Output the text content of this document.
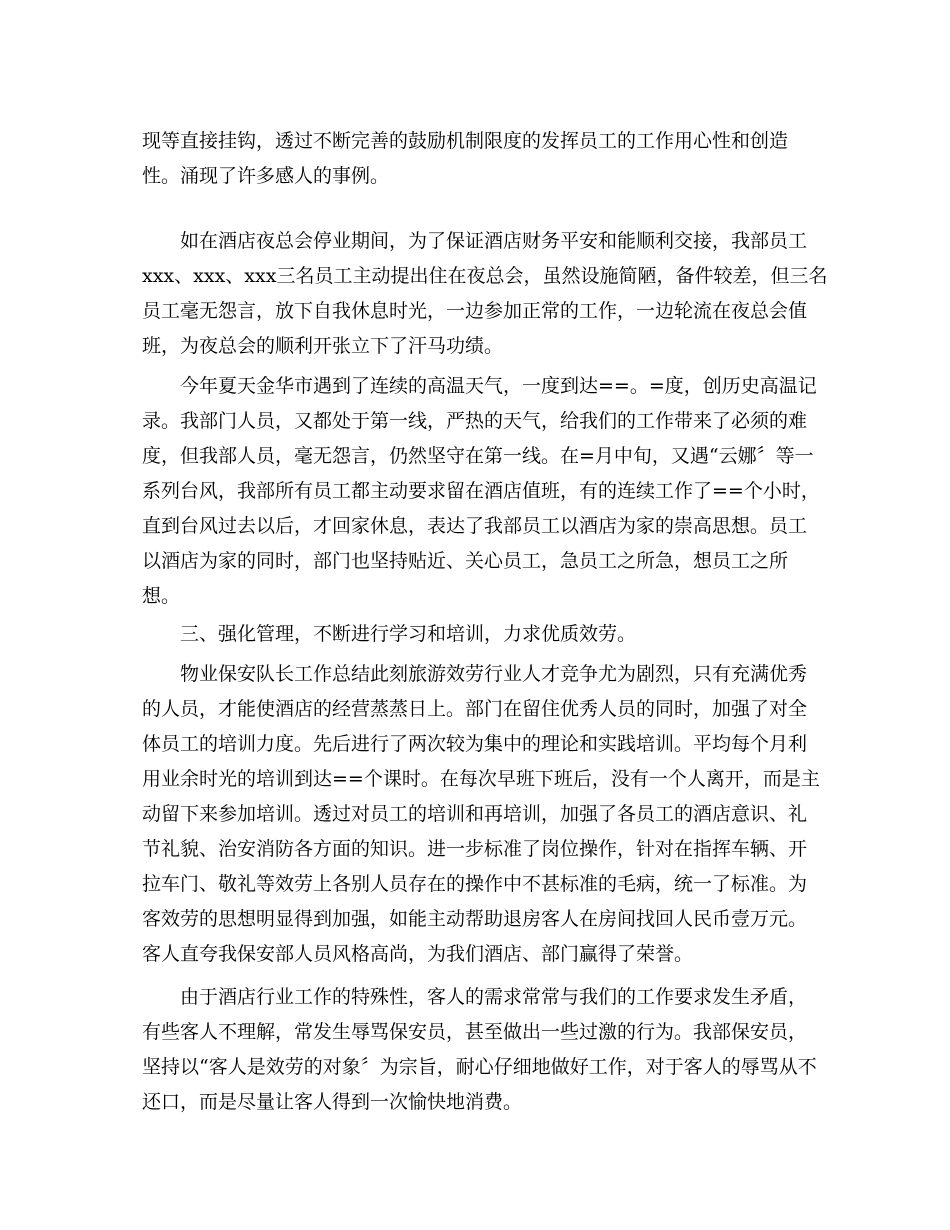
现等直接挂钩，透过不断完善的鼓励机制限度的发挥员工的工作用心性和创造
性。涌现了许多感人的事例。
如在酒店夜总会停业期间，为了保证酒店财务平安和能顺利交接，我部员工
xxx、xxx、xxx三名员工主动提出住在夜总会，虽然设施简陋，备件较差，但三名
员工毫无怨言，放下自我休息时光，一边参加正常的工作，一边轮流在夜总会值
班，为夜总会的顺利开张立下了汗马功绩。
今年夏天金华市遇到了连续的高温天气，一度到达==。=度，创历史高温记
录。我部门人员，又都处于第一线，严热的天气，给我们的工作带来了必须的难
度，但我部人员，毫无怨言，仍然坚守在第一线。在=月中旬，又遇“云娜〞等一
系列台风，我部所有员工都主动要求留在酒店值班，有的连续工作了==个小时，
直到台风过去以后，才回家休息，表达了我部员工以酒店为家的崇高思想。员工
以酒店为家的同时，部门也坚持贴近、关心员工，急员工之所急，想员工之所
想。
三、强化管理，不断进行学习和培训，力求优质效劳。
物业保安队长工作总结此刻旅游效劳行业人才竞争尤为剧烈，只有充满优秀
的人员，才能使酒店的经营蒸蒸日上。部门在留住优秀人员的同时，加强了对全
体员工的培训力度。先后进行了两次较为集中的理论和实践培训。平均每个月利
用业余时光的培训到达==个课时。在每次早班下班后，没有一个人离开，而是主
动留下来参加培训。透过对员工的培训和再培训，加强了各员工的酒店意识、礼
节礼貌、治安消防各方面的知识。进一步标准了岗位操作，针对在指挥车辆、开
拉车门、敬礼等效劳上各别人员存在的操作中不甚标准的毛病，统一了标准。为
客效劳的思想明显得到加强，如能主动帮助退房客人在房间找回人民币壹万元。
客人直夸我保安部人员风格高尚，为我们酒店、部门赢得了荣誉。
由于酒店行业工作的特殊性，客人的需求常常与我们的工作要求发生矛盾，
有些客人不理解，常发生辱骂保安员，甚至做出一些过激的行为。我部保安员，
坚持以“客人是效劳的对象〞为宗旨，耐心仔细地做好工作，对于客人的辱骂从不
还口，而是尽量让客人得到一次愉快地消费。
